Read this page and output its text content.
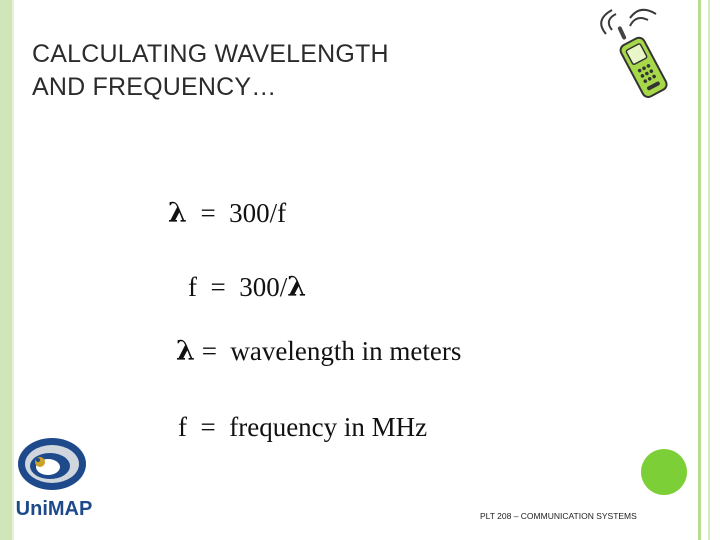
CALCULATING WAVELENGTH
AND FREQUENCY…
λ = 300/f
f = 300/λ
λ = wavelength in meters
f = frequency in MHz
UniMAP	PLT 208 – COMMUNICATION SYSTEMS
